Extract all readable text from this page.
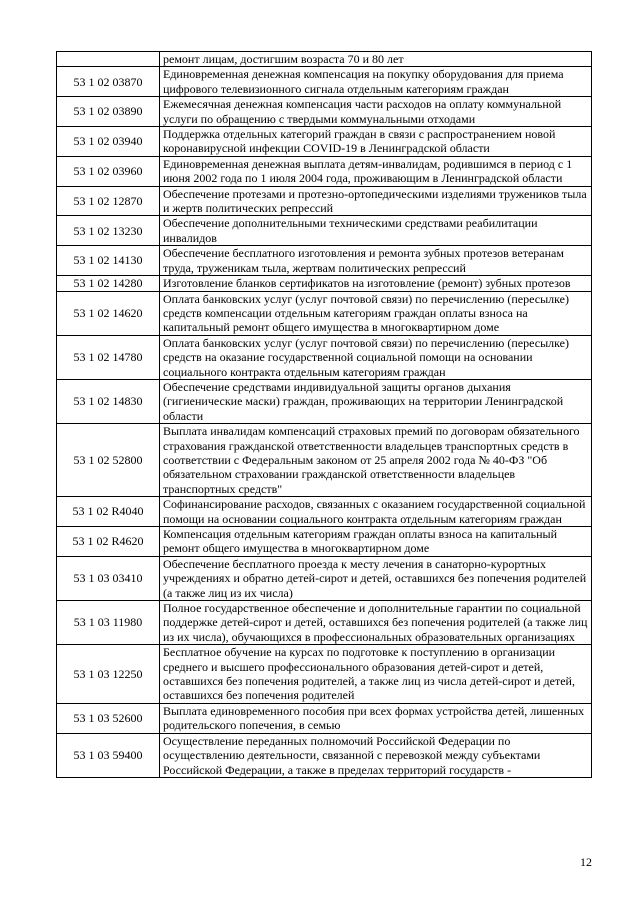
	ремонт лицам, достигшим возраста 70 и 80 лет
53 1 02 03870	Единовременная денежная компенсация на покупку оборудования для приема цифрового телевизионного сигнала отдельным категориям граждан
53 1 02 03890	Ежемесячная денежная компенсация части расходов на оплату коммунальной услуги по обращению с твердыми коммунальными отходами
53 1 02 03940	Поддержка отдельных категорий граждан в связи с распространением новой коронавирусной инфекции COVID-19 в Ленинградской области
53 1 02 03960	Единовременная денежная выплата детям-инвалидам, родившимся в период с 1 июня 2002 года по 1 июля 2004 года, проживающим в Ленинградской области
53 1 02 12870	Обеспечение протезами и протезно-ортопедическими изделиями тружеников тыла и жертв политических репрессий
53 1 02 13230	Обеспечение дополнительными техническими средствами реабилитации инвалидов
53 1 02 14130	Обеспечение бесплатного изготовления и ремонта зубных протезов ветеранам труда, труженикам тыла, жертвам политических репрессий
53 1 02 14280	Изготовление бланков сертификатов на изготовление (ремонт) зубных протезов
53 1 02 14620	Оплата банковских услуг (услуг почтовой связи) по перечислению (пересылке) средств компенсации отдельным категориям граждан оплаты взноса на капитальный ремонт общего имущества в многоквартирном доме
53 1 02 14780	Оплата банковских услуг (услуг почтовой связи) по перечислению (пересылке) средств на оказание государственной социальной помощи на основании социального контракта отдельным категориям граждан
53 1 02 14830	Обеспечение средствами индивидуальной защиты органов дыхания (гигиенические маски) граждан, проживающих на территории Ленинградской области
53 1 02 52800	Выплата инвалидам компенсаций страховых премий по договорам обязательного страхования гражданской ответственности владельцев транспортных средств в соответствии с Федеральным законом от 25 апреля 2002 года № 40-ФЗ "Об обязательном страховании гражданской ответственности владельцев транспортных средств"
53 1 02 R4040	Софинансирование расходов, связанных с оказанием государственной социальной помощи на основании социального контракта отдельным категориям граждан
53 1 02 R4620	Компенсация отдельным категориям граждан оплаты взноса на капитальный ремонт общего имущества в многоквартирном доме
53 1 03 03410	Обеспечение бесплатного проезда к месту лечения в санаторно-курортных учреждениях и обратно детей-сирот и детей, оставшихся без попечения родителей (а также лиц из их числа)
53 1 03 11980	Полное государственное обеспечение и дополнительные гарантии по социальной поддержке детей-сирот и детей, оставшихся без попечения родителей (а также лиц из их числа), обучающихся в профессиональных образовательных организациях
53 1 03 12250	Бесплатное обучение на курсах по подготовке к поступлению в организации среднего и высшего профессионального образования детей-сирот и детей, оставшихся без попечения родителей, а также лиц из числа детей-сирот и детей, оставшихся без попечения родителей
53 1 03 52600	Выплата единовременного пособия при всех формах устройства детей, лишенных родительского попечения, в семью
53 1 03 59400	Осуществление переданных полномочий Российской Федерации по осуществлению деятельности, связанной с перевозкой между субъектами Российской Федерации, а также в пределах территорий государств -
12
